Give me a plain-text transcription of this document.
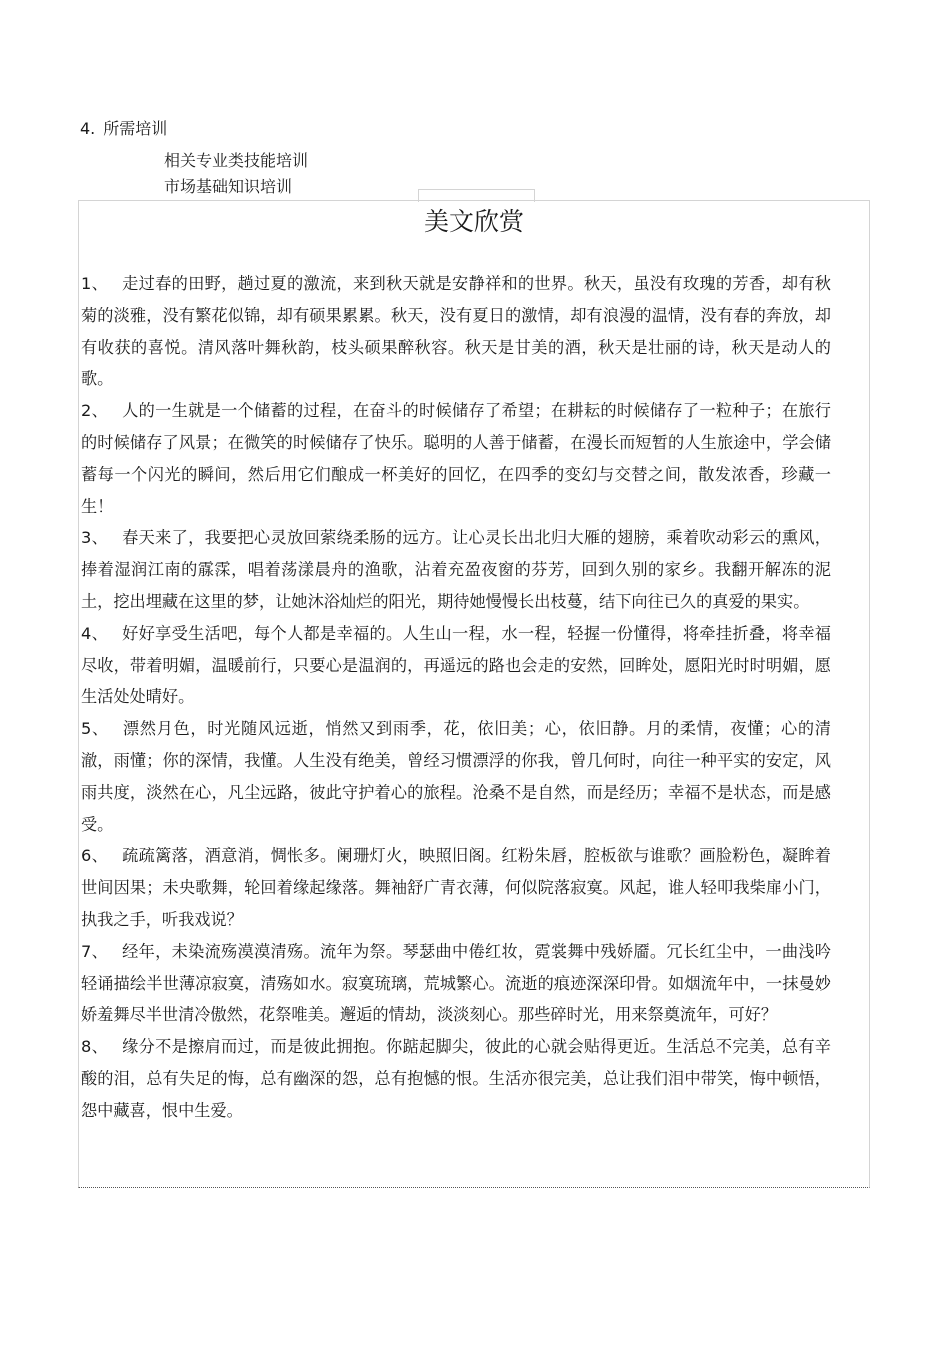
4. 所需培训
相关专业类技能培训
市场基础知识培训
美文欣赏

1、 走过春的田野，趟过夏的激流，来到秋天就是安静祥和的世界。秋天，虽没有玫瑰的芳香，却有秋菊的淡雅，没有繁花似锦，却有硕果累累。秋天，没有夏日的激情，却有浪漫的温情，没有春的奔放，却有收获的喜悦。清风落叶舞秋韵，枝头硕果醉秋容。秋天是甘美的酒，秋天是壮丽的诗，秋天是动人的歌。

2、 人的一生就是一个储蓄的过程，在奋斗的时候储存了希望；在耕耘的时候储存了一粒种子；在旅行的时候储存了风景；在微笑的时候储存了快乐。聪明的人善于储蓄，在漫长而短暂的人生旅途中，学会储蓄每一个闪光的瞬间，然后用它们酿成一杯美好的回忆，在四季的变幻与交替之间，散发浓香，珍藏一生！

3、 春天来了，我要把心灵放回萦绕柔肠的远方。让心灵长出北归大雁的翅膀，乘着吹动彩云的熏风，捧着湿润江南的霡霂，唱着荡漾晨舟的渔歌，沾着充盈夜窗的芬芳，回到久别的家乡。我翻开解冻的泥土，挖出埋藏在这里的梦，让她沐浴灿烂的阳光，期待她慢慢长出枝蔓，结下向往已久的真爱的果实。

4、 好好享受生活吧，每个人都是幸福的。人生山一程，水一程，轻握一份懂得，将牵挂折叠，将幸福尽收，带着明媚，温暖前行，只要心是温润的，再遥远的路也会走的安然，回眸处，愿阳光时时明媚，愿生活处处晴好。

5、 漂然月色，时光随风远逝，悄然又到雨季，花，依旧美；心，依旧静。月的柔情，夜懂；心的清澈，雨懂；你的深情，我懂。人生没有绝美，曾经习惯漂浮的你我，曾几何时，向往一种平实的安定，风雨共度，淡然在心，凡尘远路，彼此守护着心的旅程。沧桑不是自然，而是经历；幸福不是状态，而是感受。

6、 疏疏篱落，酒意消，惆怅多。阑珊灯火，映照旧阁。红粉朱唇，腔板欲与谁歌？画脸粉色，凝眸着世间因果；未央歌舞，轮回着缘起缘落。舞袖舒广青衣薄，何似院落寂寞。风起，谁人轻叩我柴扉小门，执我之手，听我戏说？

7、 经年，未染流殇漠漠清殇。流年为祭。琴瑟曲中倦红妆，霓裳舞中残娇靥。冗长红尘中，一曲浅吟轻诵描绘半世薄凉寂寞，清殇如水。寂寞琉璃，荒城繁心。流逝的痕迹深深印骨。如烟流年中，一抹曼妙娇羞舞尽半世清冷傲然，花祭唯美。邂逅的情劫，淡淡刻心。那些碎时光，用来祭奠流年，可好？

8、 缘分不是擦肩而过，而是彼此拥抱。你踮起脚尖，彼此的心就会贴得更近。生活总不完美，总有辛酸的泪，总有失足的悔，总有幽深的怨，总有抱憾的恨。生活亦很完美，总让我们泪中带笑，悔中顿悟，怨中藏喜，恨中生爱。
